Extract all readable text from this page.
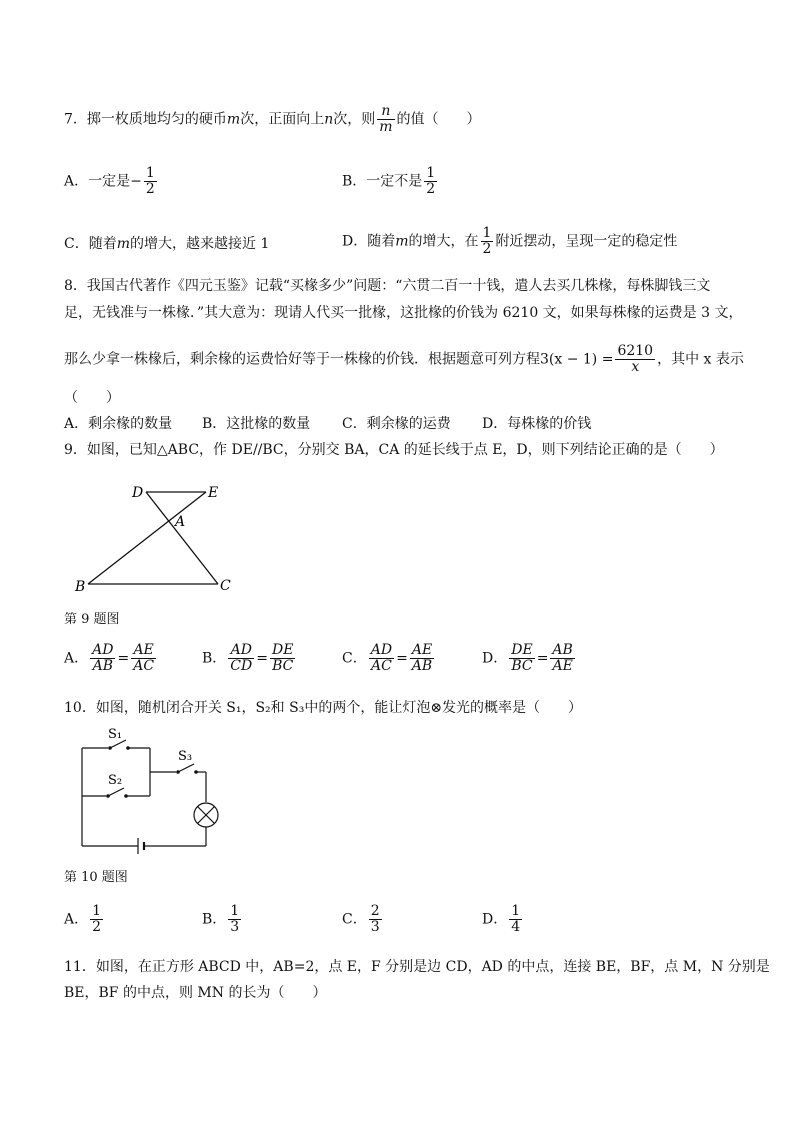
7．掷一枚质地均匀的硬币m次，正面向上n次，则 $\frac{n}{m}$ 的值（　　）
A．一定是− $\frac{1}{2}$	B．一定不是 $\frac{1}{2}$
C．随着m的增大，越来越接近 1	D．随着m的增大，在 $\frac{1}{2}$ 附近摆动，呈现一定的稳定性
8．我国古代著作《四元玉鉴》记载“买椽多少”问题：“六贯二百一十钱，遣人去买几株椽，每株脚钱三文
足，无钱准与一株椽．”其大意为：现请人代买一批椽，这批椽的价钱为 6210 文，如果每株椽的运费是 3 文，
那么少拿一株椽后，剩余椽的运费恰好等于一株椽的价钱．根据题意可列方程$3(x - 1) = \frac{6210}{x}$ ，其中 x 表示
（　　）
A．剩余椽的数量 B．这批椽的数量 C．剩余椽的运费 D．每株椽的价钱
9．如图，已知△ABC，作 DE//BC，分别交 BA，CA 的延长线于点 E，D，则下列结论正确的是（　　）
D	E
A
B	C
第 9 题图
A． $\frac{AD}{AB} = \frac{AE}{AC}$	B． $\frac{AD}{CD} = \frac{DE}{BC}$	C． $\frac{AD}{AC} = \frac{AE}{AB}$	D． $\frac{DE}{BC} = \frac{AB}{AE}$
10．如图，随机闭合开关 S₁，S₂和 S₃中的两个，能让灯泡⊗发光的概率是（　　）
S₁
S₂
S₃
第 10 题图
A． $\frac{1}{2}$	B． $\frac{1}{3}$	C． $\frac{2}{3}$	D． $\frac{1}{4}$
11．如图，在正方形 ABCD 中，AB=2，点 E，F 分别是边 CD，AD 的中点，连接 BE，BF，点 M，N 分别是
BE，BF 的中点，则 MN 的长为（　　）
